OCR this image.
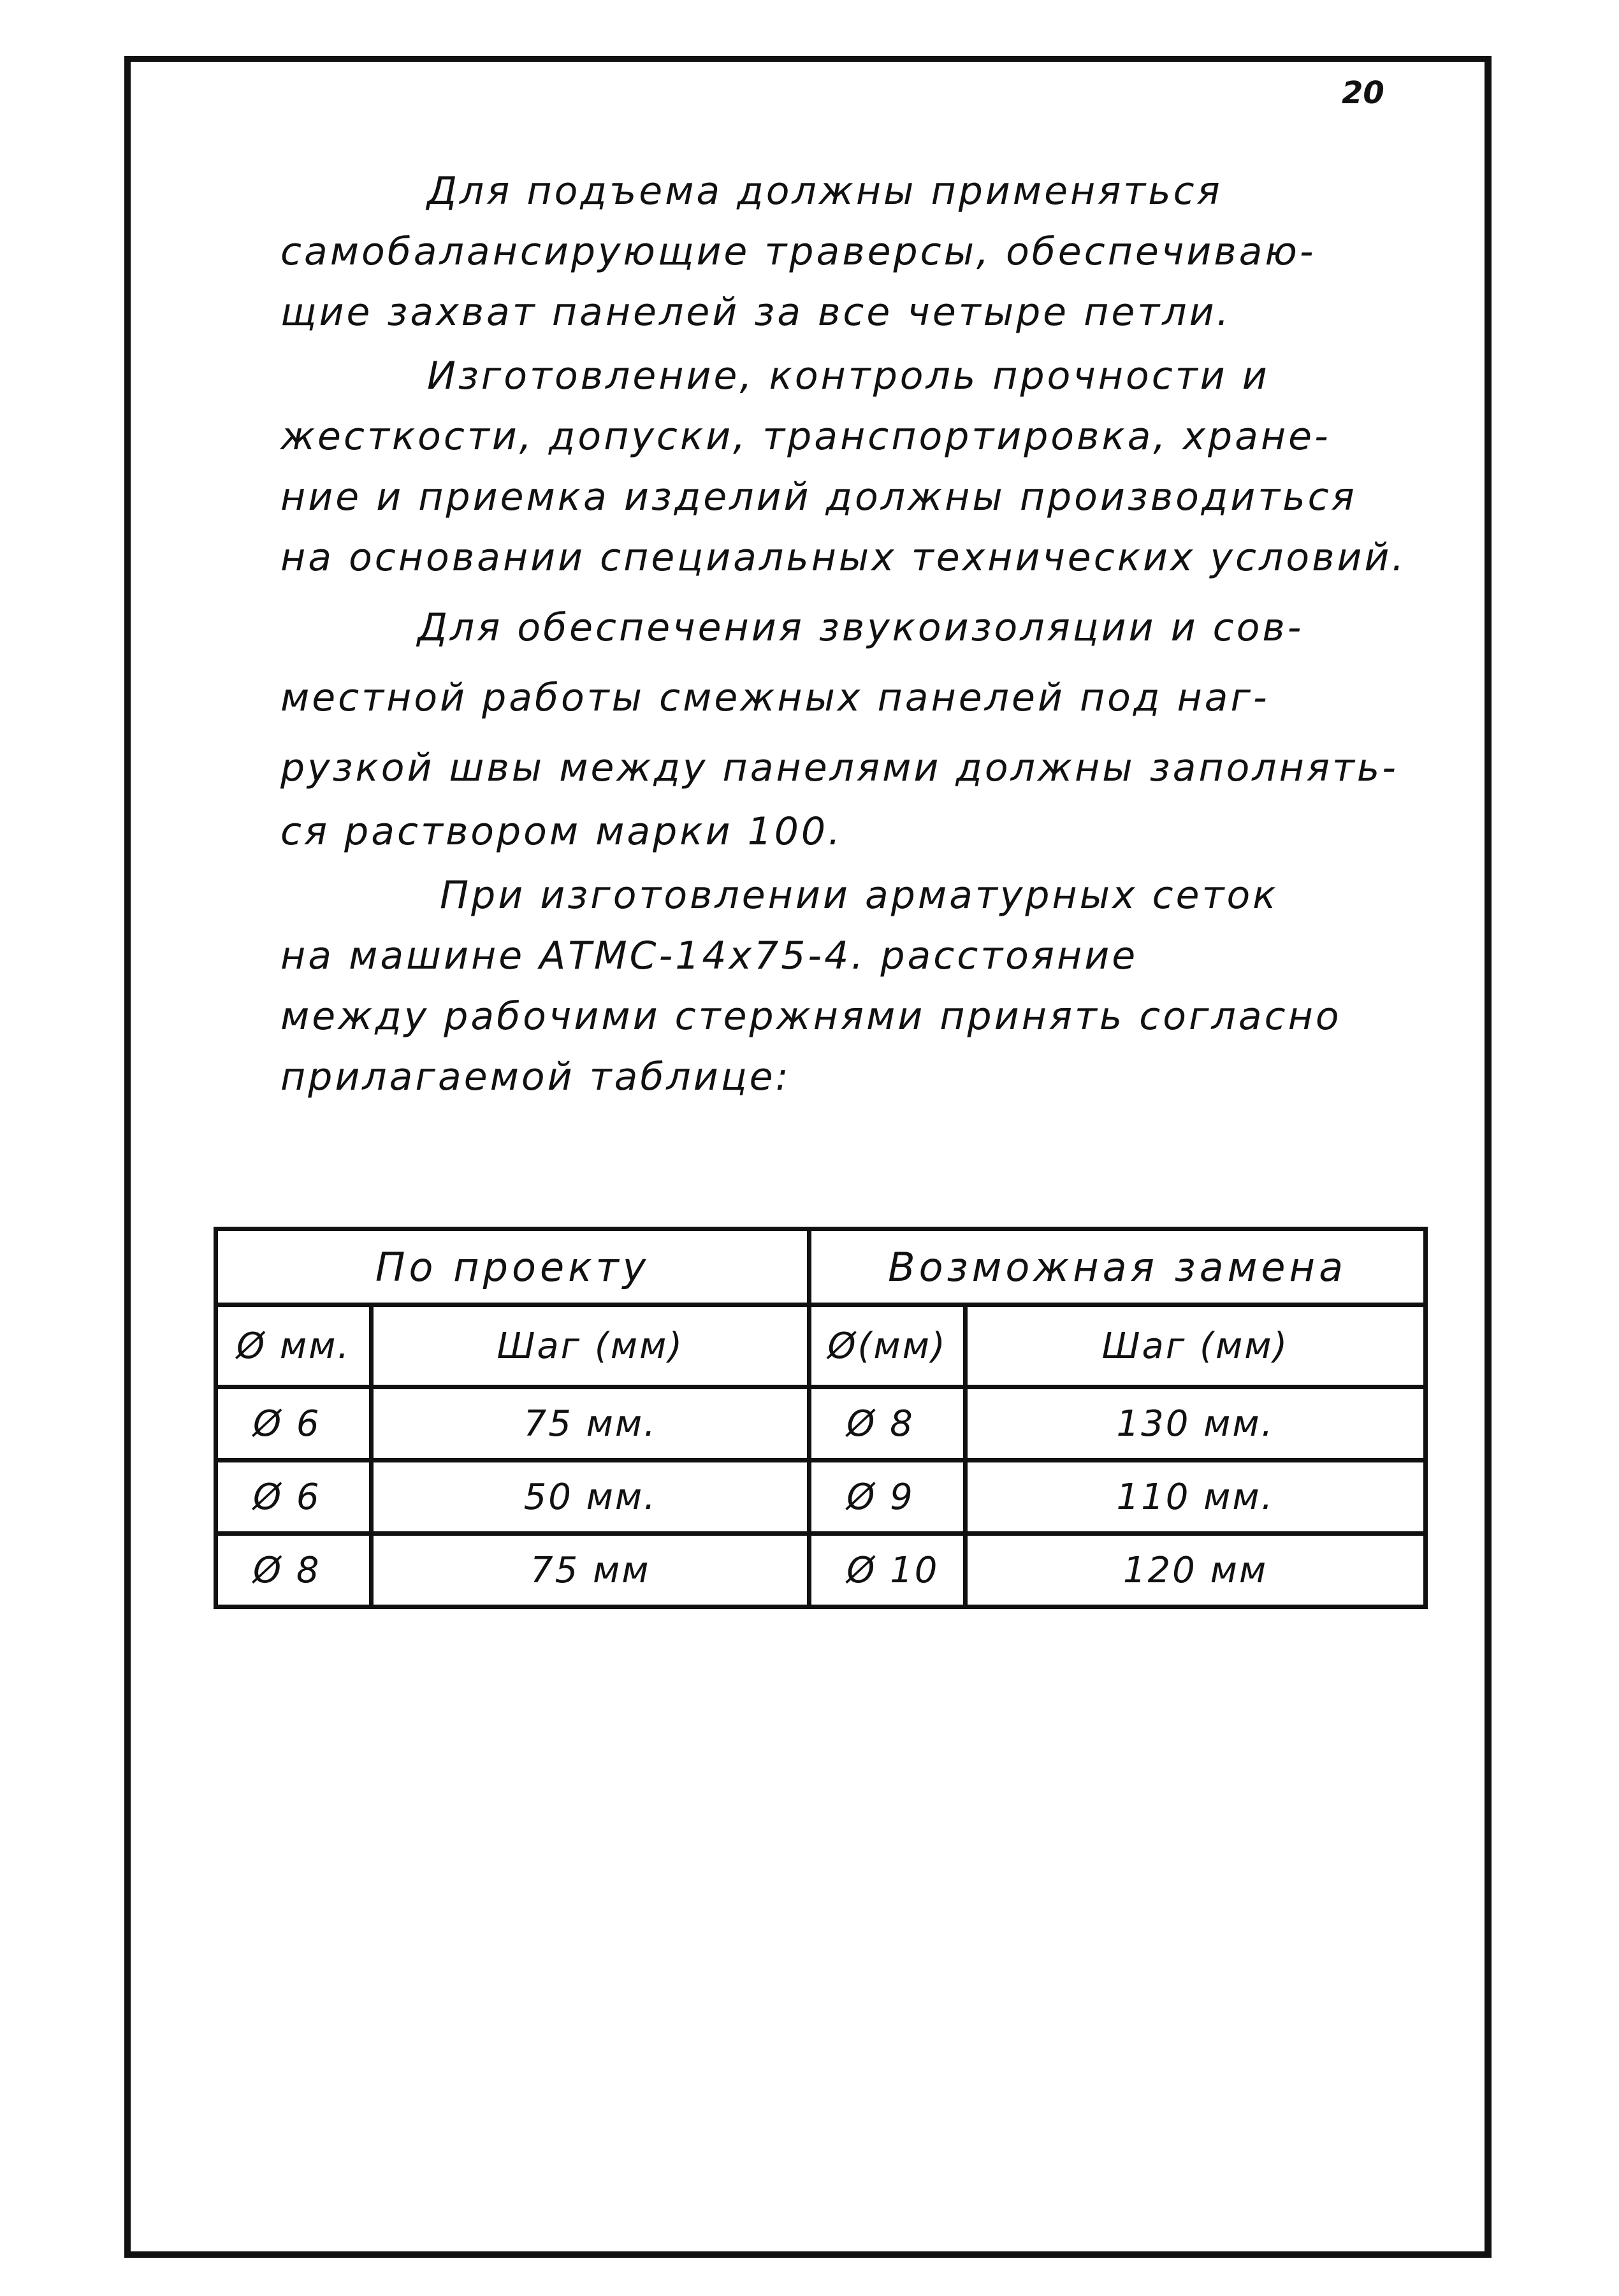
20
Для подъема должны применяться
самобалансирующие траверсы, обеспечиваю-
щие захват панелей за все четыре петли.
Изготовление, контроль прочности и
жесткости, допуски, транспортировка, хране-
ние и приемка изделий должны производиться
на основании специальных технических условий.
Для обеспечения звукоизоляции и сов-
местной работы смежных панелей под наг-
рузкой швы между панелями должны заполнять-
ся раствором марки 100.
При изготовлении арматурных сеток
на машине АТМС-14х75-4. расстояние
между рабочими стержнями принять согласно
прилагаемой таблице:
По проекту		Возможная замена	
Ø мм.	Шаг (мм)	Ø(мм)	Шаг (мм)
Ø 6	75 мм.	Ø 8	130 мм.
Ø 6	50 мм.	Ø 9	110 мм.
Ø 8	75 мм	Ø 10	120 мм
